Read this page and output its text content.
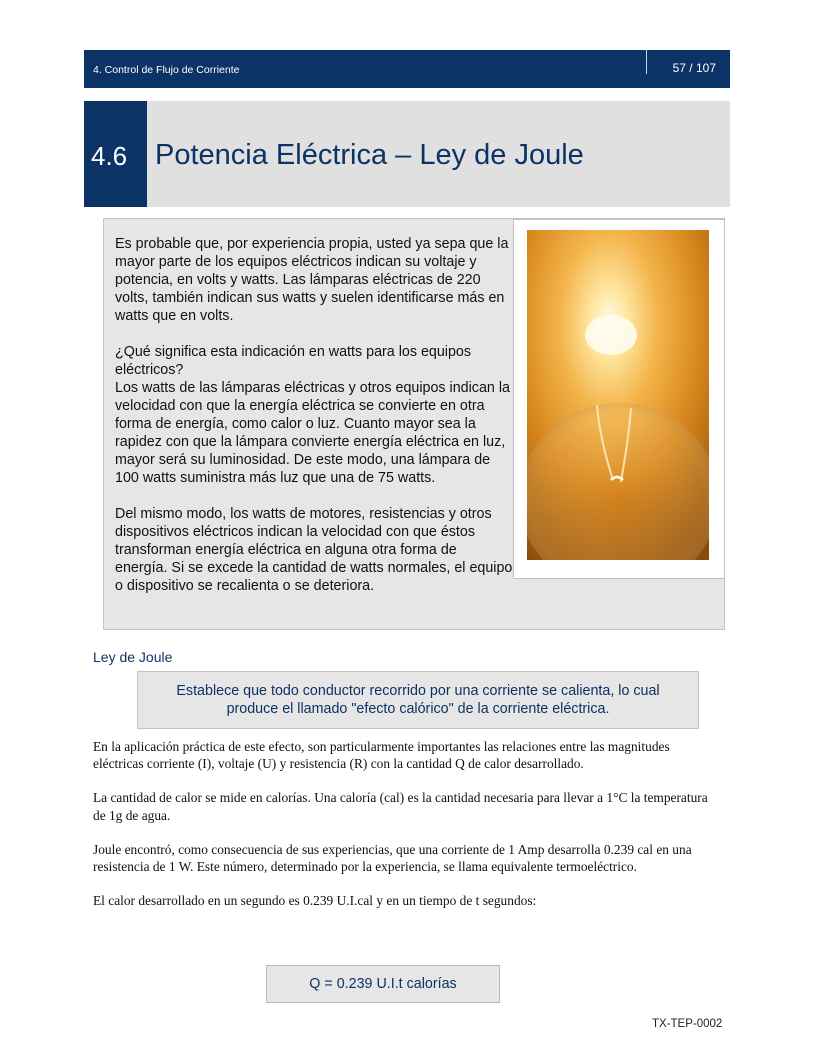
4. Control de Flujo de Corriente	57 / 107
4.6 Potencia Eléctrica – Ley de Joule

Es probable que, por experiencia propia, usted ya sepa que la mayor parte de los equipos eléctricos indican su voltaje y potencia, en volts y watts. Las lámparas eléctricas de 220 volts, también indican sus watts y suelen identificarse más en watts que en volts.

¿Qué significa esta indicación en watts para los equipos eléctricos?

Los watts de las lámparas eléctricas y otros equipos indican la velocidad con que la energía eléctrica se convierte en otra forma de energía, como calor o luz. Cuanto mayor sea la rapidez con que la lámpara convierte energía eléctrica en luz, mayor será su luminosidad. De este modo, una lámpara de 100 watts suministra más luz que una de 75 watts.

Del mismo modo, los watts de motores, resistencias y otros dispositivos eléctricos indican la velocidad con que éstos transforman energía eléctrica en alguna otra forma de energía. Si se excede la cantidad de watts normales, el equipo o dispositivo se recalienta o se deteriora.

Ley de Joule
Establece que todo conductor recorrido por una corriente se calienta, lo cual
produce el llamado "efecto calórico" de la corriente eléctrica.

En la aplicación práctica de este efecto, son particularmente importantes las relaciones entre las magnitudes eléctricas corriente (I), voltaje (U) y resistencia (R) con la cantidad Q de calor desarrollado.

La cantidad de calor se mide en calorías. Una caloría (cal) es la cantidad necesaria para llevar a 1°C la temperatura de 1g de agua.

Joule encontró, como consecuencia de sus experiencias, que una corriente de 1 Amp desarrolla 0.239 cal en una resistencia de 1 W. Este número, determinado por la experiencia, se llama equivalente termoeléctrico.

El calor desarrollado en un segundo es 0.239 U.I.cal y en un tiempo de t segundos:

Q = 0.239 U.I.t calorías
TX-TEP-0002
